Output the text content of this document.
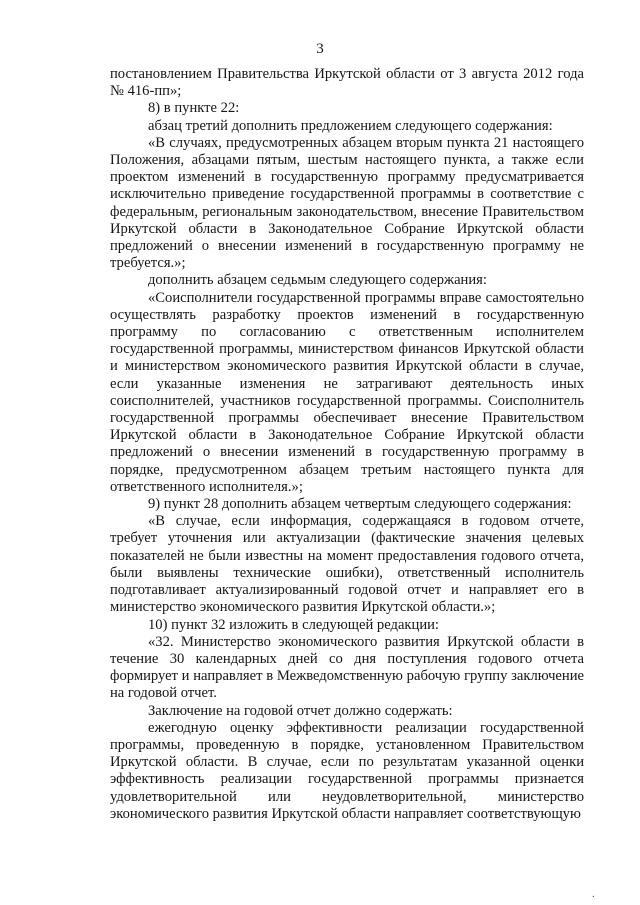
3

постановлением Правительства Иркутской области от 3 августа 2012 года № 416-пп»;

8) в пункте 22:

абзац третий дополнить предложением следующего содержания:

«В случаях, предусмотренных абзацем вторым пункта 21 настоящего Положения, абзацами пятым, шестым настоящего пункта, а также если проектом изменений в государственную программу предусматривается исключительно приведение государственной программы в соответствие с федеральным, региональным законодательством, внесение Правительством Иркутской области в Законодательное Собрание Иркутской области предложений о внесении изменений в государственную программу не требуется.»;

дополнить абзацем седьмым следующего содержания:

«Соисполнители государственной программы вправе самостоятельно осуществлять разработку проектов изменений в государственную программу по согласованию с ответственным исполнителем государственной программы, министерством финансов Иркутской области и министерством экономического развития Иркутской области в случае, если указанные изменения не затрагивают деятельность иных соисполнителей, участников государственной программы. Соисполнитель государственной программы обеспечивает внесение Правительством Иркутской области в Законодательное Собрание Иркутской области предложений о внесении изменений в государственную программу в порядке, предусмотренном абзацем третьим настоящего пункта для ответственного исполнителя.»;

9) пункт 28 дополнить абзацем четвертым следующего содержания:

«В случае, если информация, содержащаяся в годовом отчете, требует уточнения или актуализации (фактические значения целевых показателей не были известны на момент предоставления годового отчета, были выявлены технические ошибки), ответственный исполнитель подготавливает актуализированный годовой отчет и направляет его в министерство экономического развития Иркутской области.»;

10) пункт 32 изложить в следующей редакции:

«32. Министерство экономического развития Иркутской области в течение 30 календарных дней со дня поступления годового отчета формирует и направляет в Межведомственную рабочую группу заключение на годовой отчет.

Заключение на годовой отчет должно содержать:

ежегодную оценку эффективности реализации государственной программы, проведенную в порядке, установленном Правительством Иркутской области. В случае, если по результатам указанной оценки эффективность реализации государственной программы признается удовлетворительной или неудовлетворительной, министерство экономического развития Иркутской области направляет соответствующую

.
